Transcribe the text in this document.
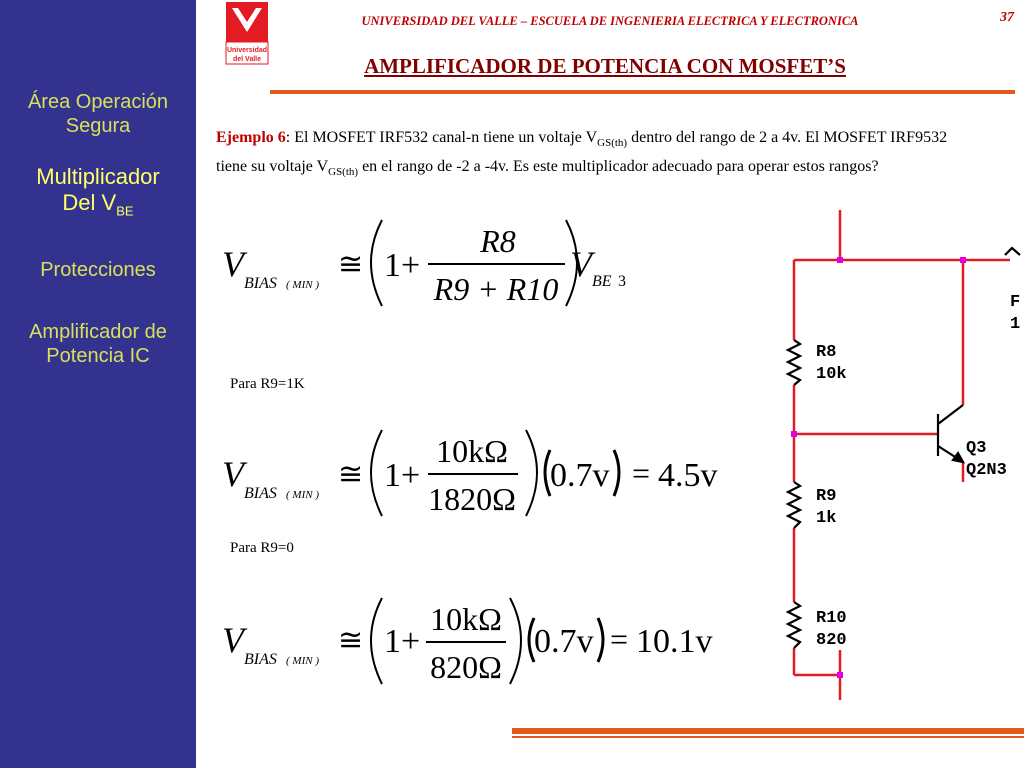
Área Operación
Segura
Multiplicador
Del $V_{BE}$
Protecciones
Amplificador de
Potencia IC
Universidad
del Valle
UNIVERSIDAD DEL VALLE – ESCUELA DE INGENIERIA ELECTRICA Y ELECTRONICA	37
AMPLIFICADOR DE POTENCIA CON MOSFET’S
Ejemplo 6: El MOSFET IRF532 canal-n tiene un voltaje $V_{GS(th)}$ dentro del rango de 2 a 4v. El MOSFET IRF9532 tiene su voltaje $V_{GS(th)}$ en el rango de -2 a -4v. Es este multiplicador adecuado para operar estos rangos?
V BIAS ( MIN )
≅ 1+
R8
R9 + R10
V BE 3
Para R9=1K
V BIAS ( MIN )
≅ 1+
10kΩ
1820Ω
0.7v = 4.5v
Para R9=0
V BIAS ( MIN )
≅ 1+
10kΩ
820Ω
0.7v = 10.1v
R8
10k
R9
1k
R10
820
Q3
Q2N3
F
1
